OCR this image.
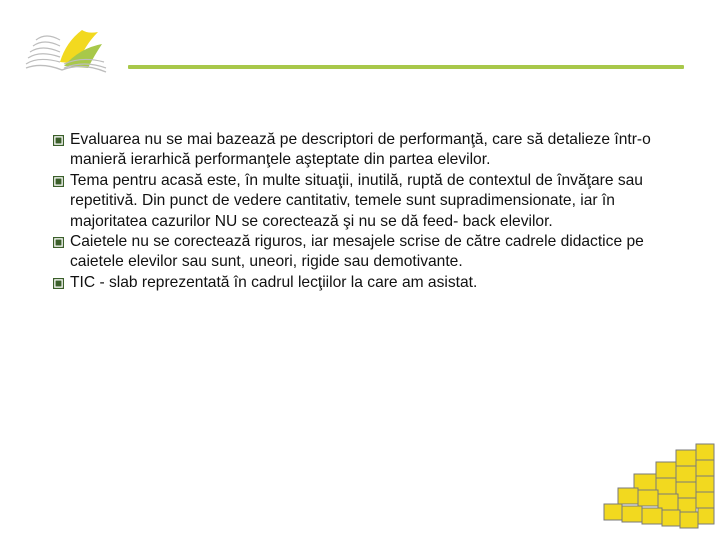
Evaluarea nu se mai bazează pe descriptori de performanţă, care să detalieze într-o manieră ierarhică performanţele aşteptate din partea elevilor.
Tema pentru acasă este, în multe situaţii, inutilă, ruptă de contextul de învăţare sau repetitivă. Din punct de vedere cantitativ, temele sunt supradimensionate, iar în majoritatea cazurilor NU se corectează şi nu se dă feed- back elevilor.
Caietele nu se corectează riguros, iar mesajele scrise de către cadrele didactice pe caietele elevilor sau sunt, uneori, rigide sau demotivante.
TIC - slab reprezentată în cadrul lecţiilor la care am asistat.
